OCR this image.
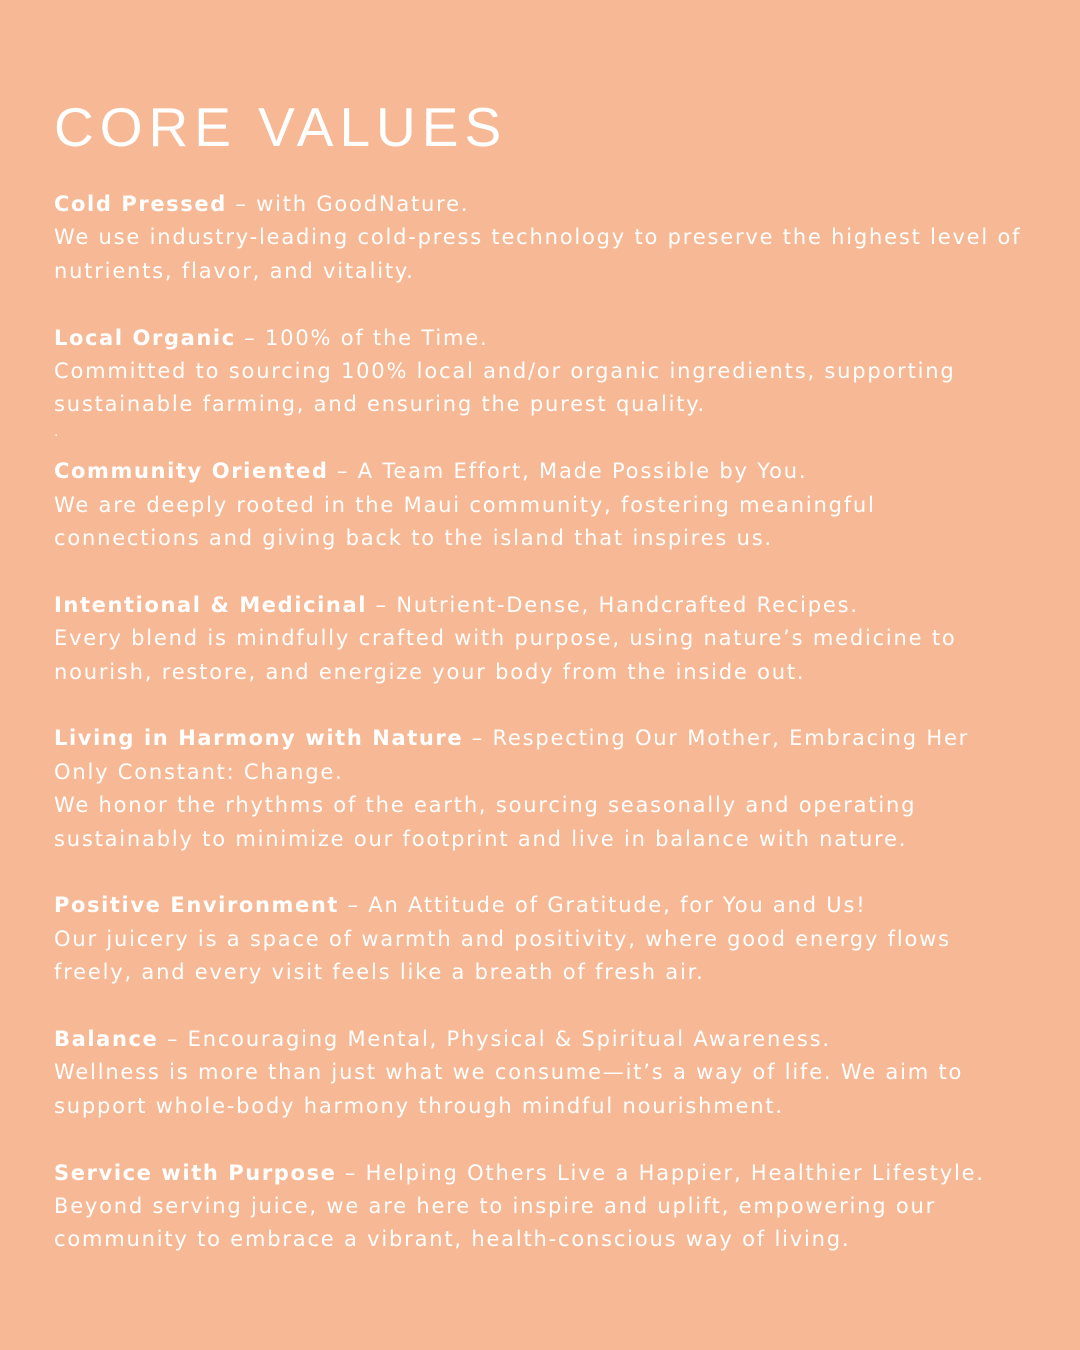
CORE VALUES
Cold Pressed – with GoodNature.
We use industry-leading cold-press technology to preserve the highest level of nutrients, flavor, and vitality.
Local Organic – 100% of the Time.
Committed to sourcing 100% local and/or organic ingredients, supporting sustainable farming, and ensuring the purest quality.
.
Community Oriented – A Team Effort, Made Possible by You.
We are deeply rooted in the Maui community, fostering meaningful connections and giving back to the island that inspires us.
Intentional & Medicinal – Nutrient-Dense, Handcrafted Recipes.
Every blend is mindfully crafted with purpose, using nature’s medicine to nourish, restore, and energize your body from the inside out.
Living in Harmony with Nature – Respecting Our Mother, Embracing Her Only Constant: Change.
We honor the rhythms of the earth, sourcing seasonally and operating sustainably to minimize our footprint and live in balance with nature.
Positive Environment – An Attitude of Gratitude, for You and Us!
Our juicery is a space of warmth and positivity, where good energy flows freely, and every visit feels like a breath of fresh air.
Balance – Encouraging Mental, Physical & Spiritual Awareness.
Wellness is more than just what we consume—it’s a way of life. We aim to support whole-body harmony through mindful nourishment.
Service with Purpose – Helping Others Live a Happier, Healthier Lifestyle.
Beyond serving juice, we are here to inspire and uplift, empowering our community to embrace a vibrant, health-conscious way of living.
